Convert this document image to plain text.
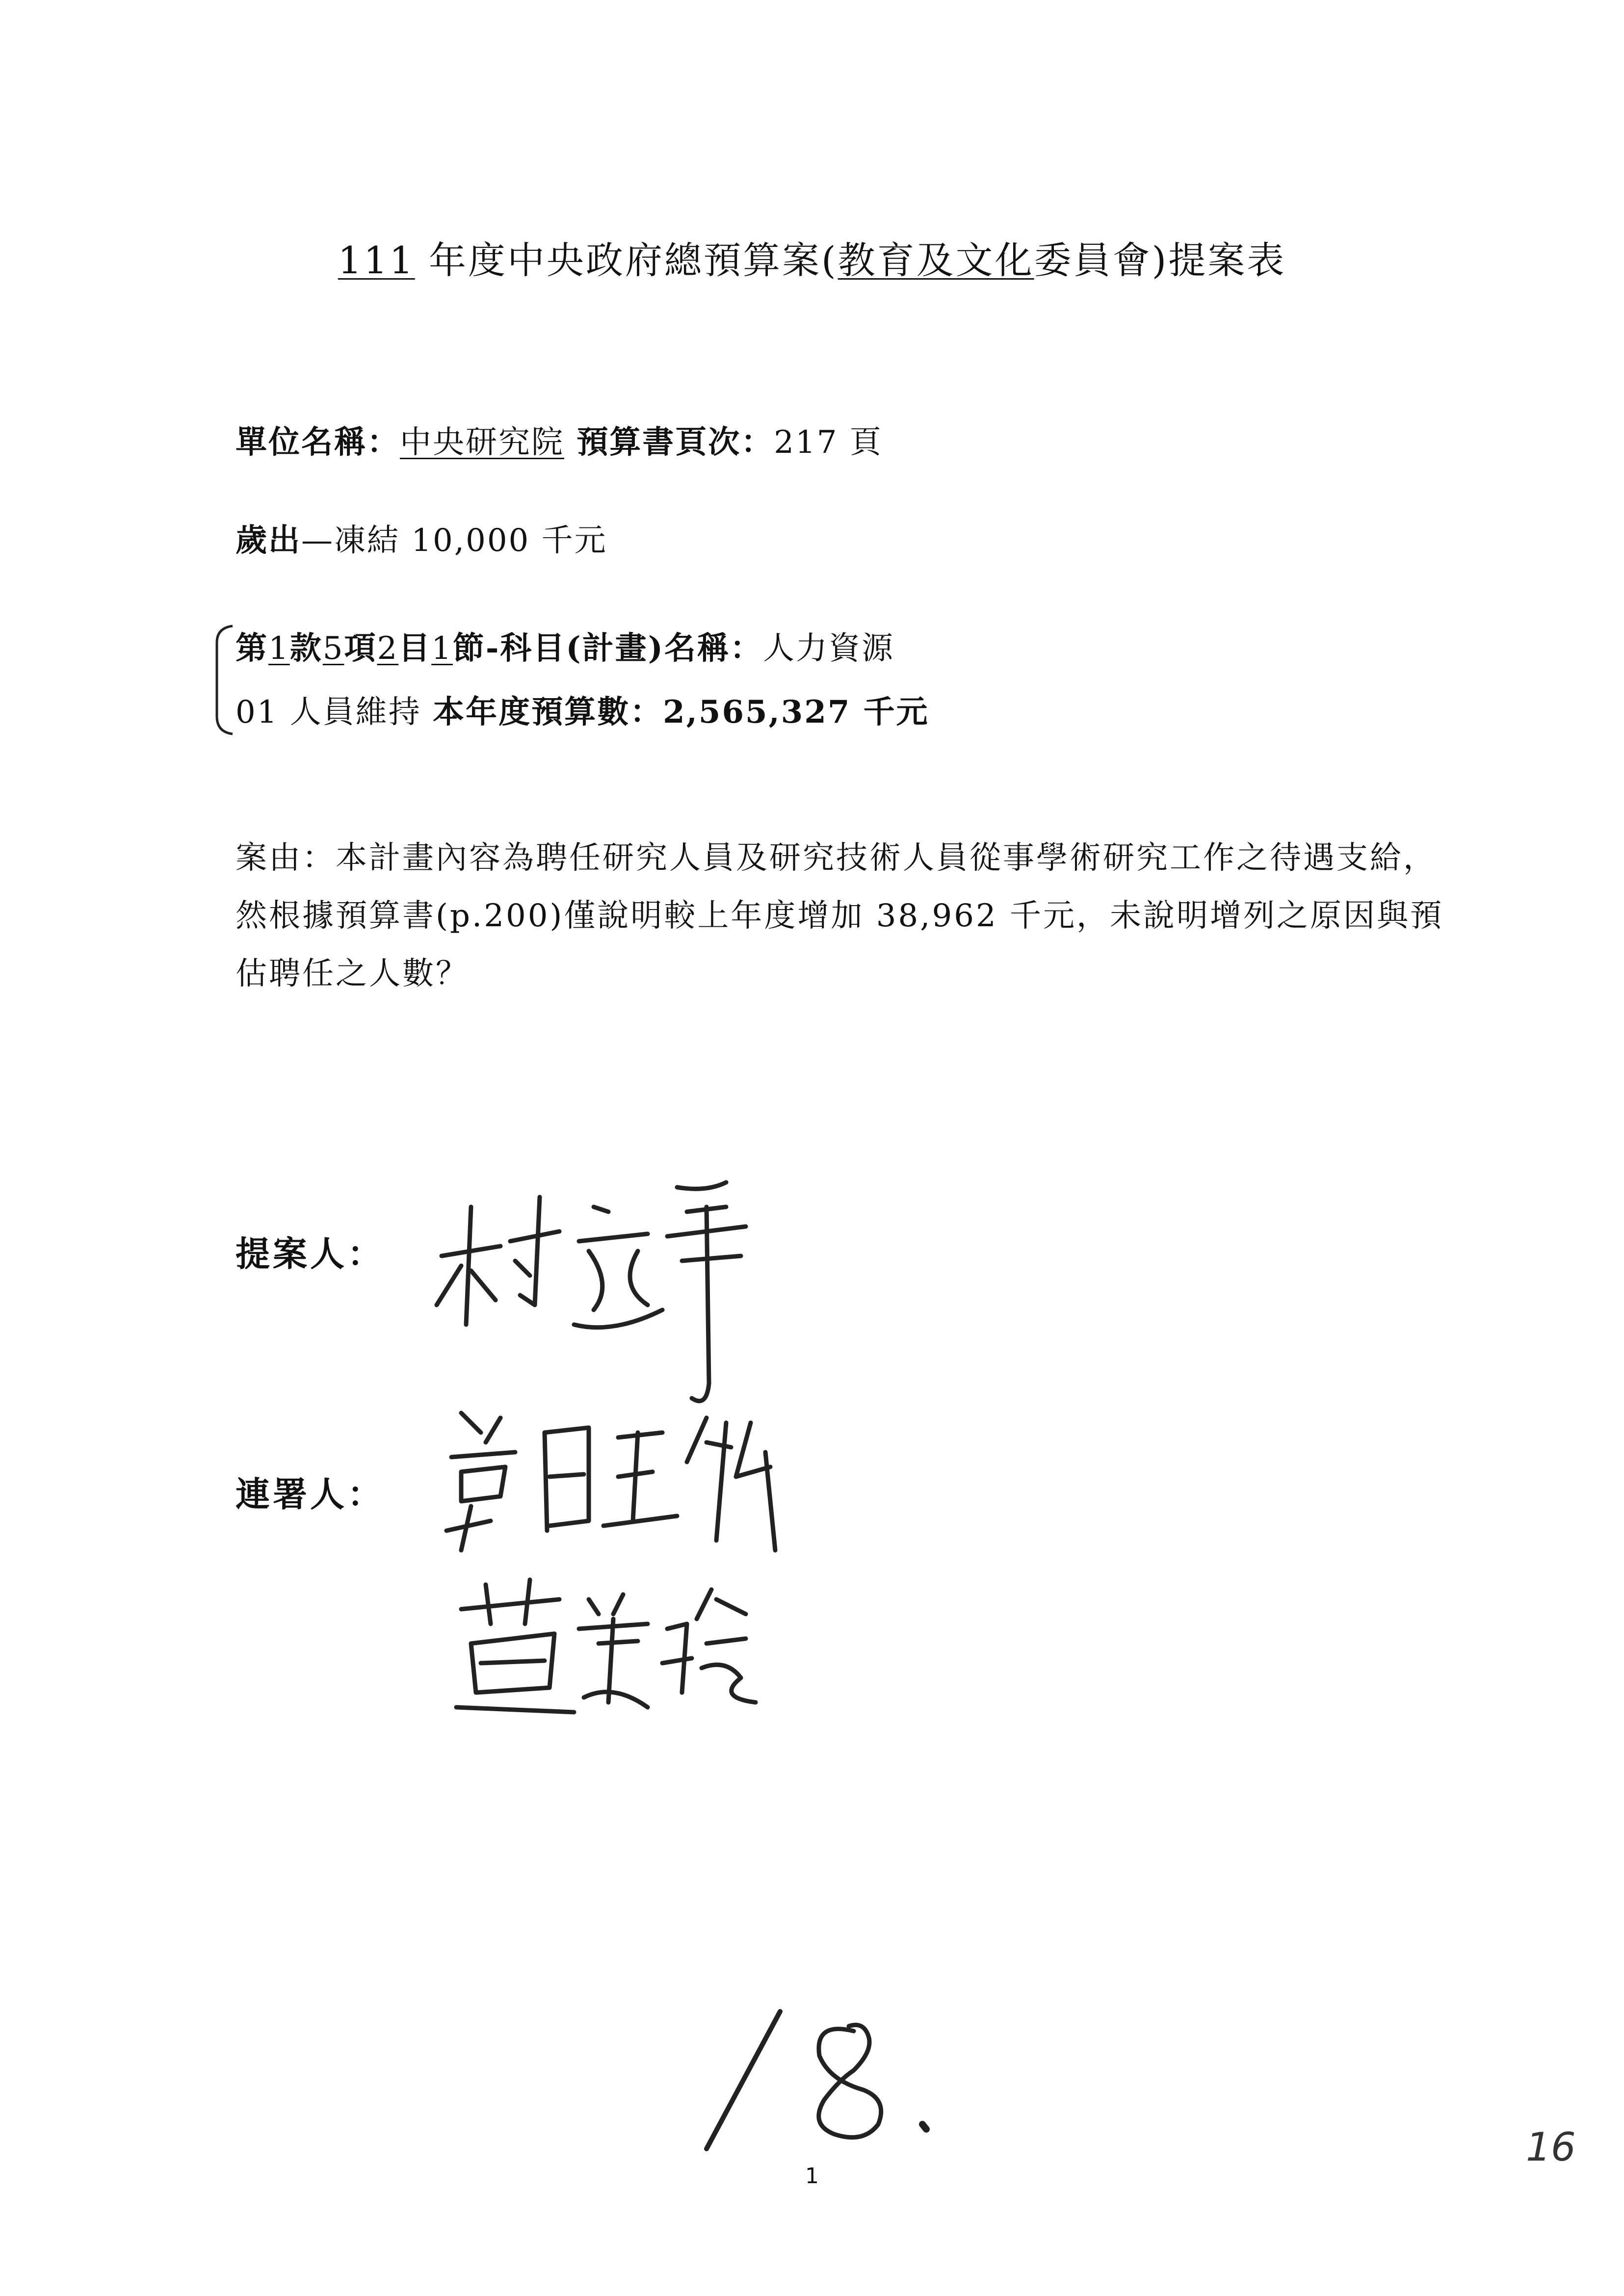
111 年度中央政府總預算案(教育及文化委員會)提案表
單位名稱：中央研究院 預算書頁次：217 頁
歲出—凍結 10,000 千元
第1款5項2目1節-科目(計畫)名稱：人力資源
01 人員維持 本年度預算數：2,565,327 千元
案由：本計畫內容為聘任研究人員及研究技術人員從事學術研究工作之待遇支給，然根據預算書(p.200)僅說明較上年度增加 38,962 千元，未說明增列之原因與預估聘任之人數？
提案人：
連署人：
1
16
